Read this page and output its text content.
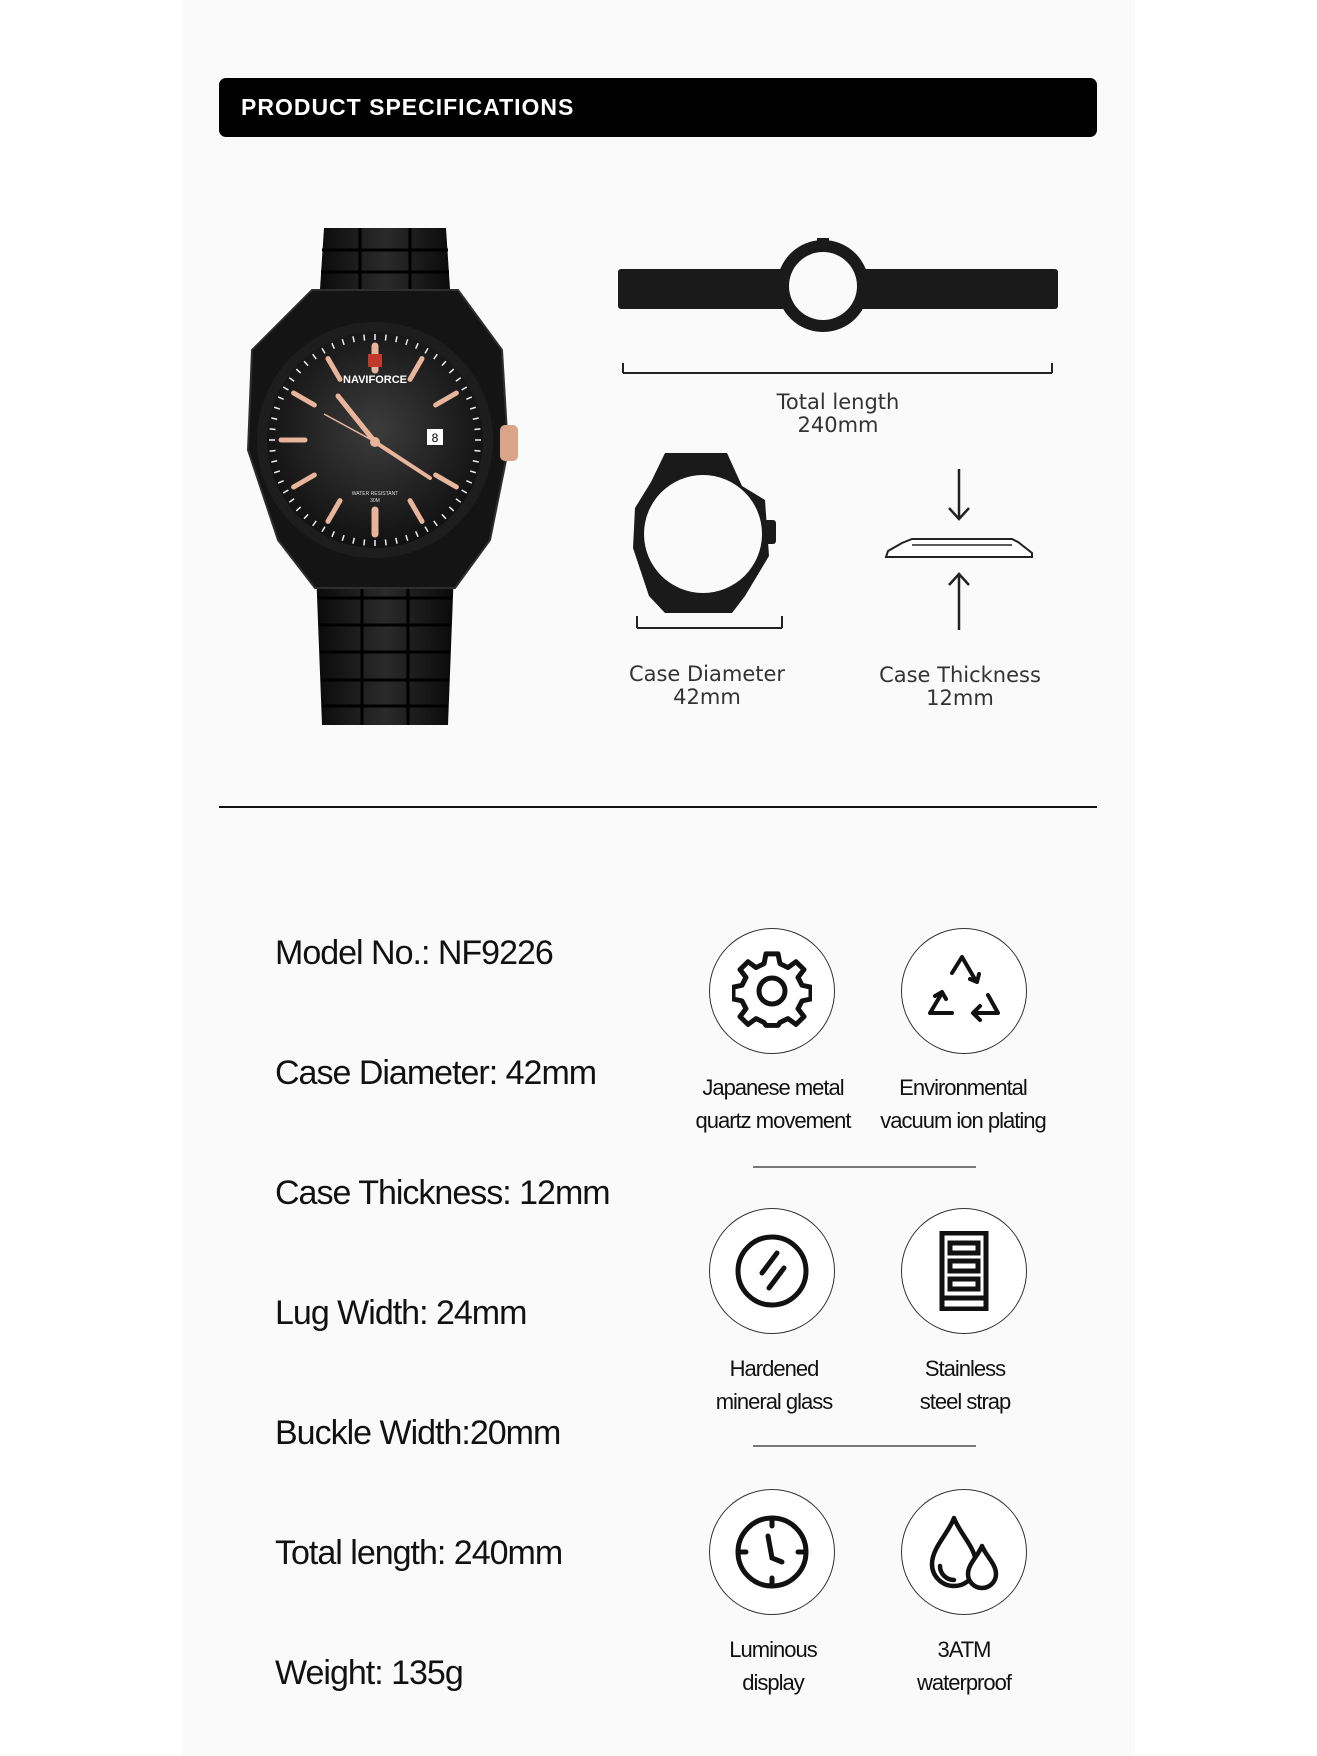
PRODUCT SPECIFICATIONS
NAVIFORCE
8
WATER RESISTANT
30M
Total length
240mm
Case Diameter
42mm
Case Thickness
12mm
Model No.: NF9226
Case Diameter: 42mm
Case Thickness: 12mm
Lug Width: 24mm
Buckle Width:20mm
Total length: 240mm
Weight: 135g
Japanese metal
quartz movement
Environmental
vacuum ion plating
Hardened
mineral glass
Stainless
steel strap
Luminous
display
3ATM
waterproof
